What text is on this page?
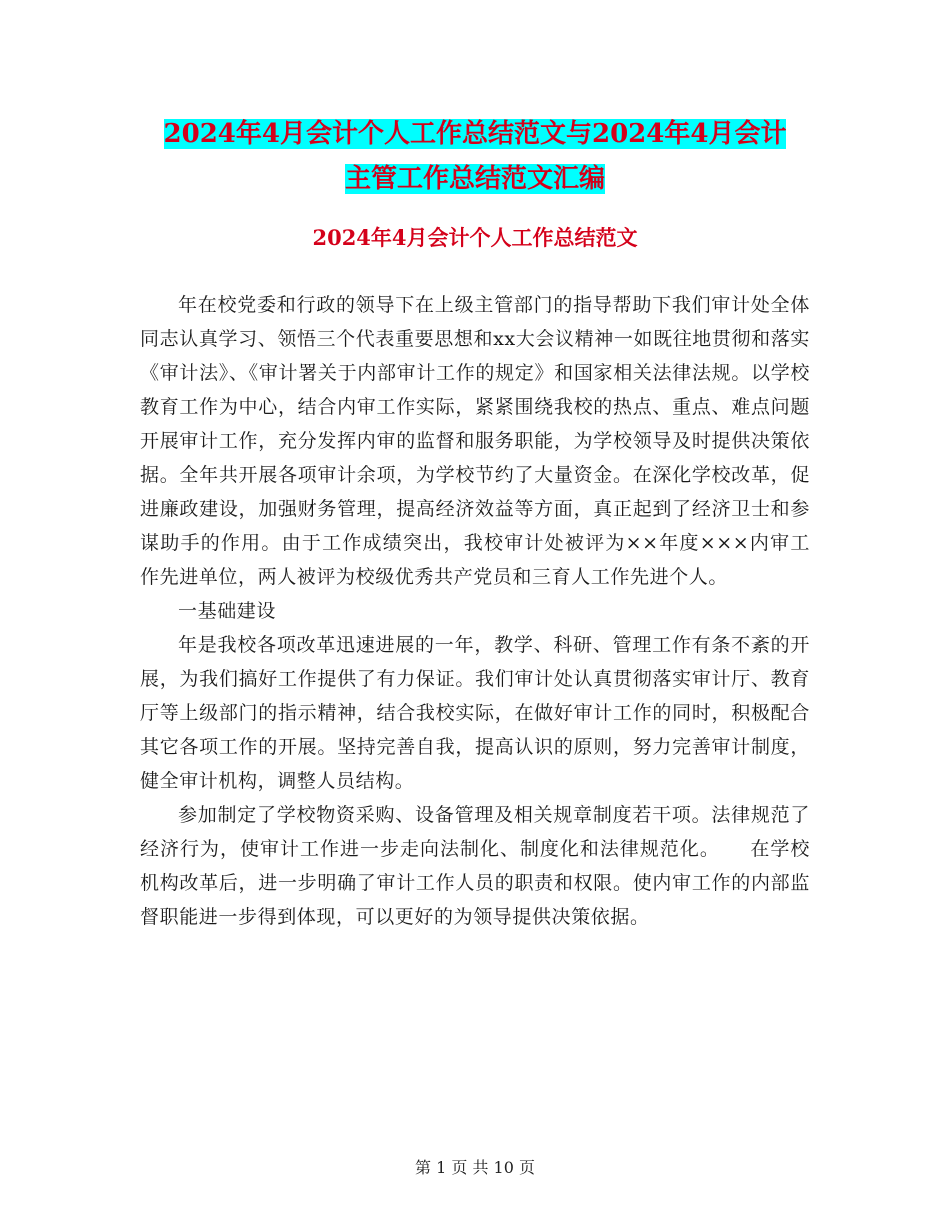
2024年4月会计个人工作总结范文与2024年4月会计
主管工作总结范文汇编
2024年4月会计个人工作总结范文

年在校党委和行政的领导下在上级主管部门的指导帮助下我们审计处全体同志认真学习、领悟三个代表重要思想和xx大会议精神一如既往地贯彻和落实《审计法》、《审计署关于内部审计工作的规定》和国家相关法律法规。以学校教育工作为中心，结合内审工作实际，紧紧围绕我校的热点、重点、难点问题开展审计工作，充分发挥内审的监督和服务职能，为学校领导及时提供决策依据。全年共开展各项审计余项，为学校节约了大量资金。在深化学校改革，促进廉政建设，加强财务管理，提高经济效益等方面，真正起到了经济卫士和参谋助手的作用。由于工作成绩突出，我校审计处被评为××年度×××内审工作先进单位，两人被评为校级优秀共产党员和三育人工作先进个人。

一基础建设

年是我校各项改革迅速进展的一年，教学、科研、管理工作有条不紊的开展，为我们搞好工作提供了有力保证。我们审计处认真贯彻落实审计厅、教育厅等上级部门的指示精神，结合我校实际，在做好审计工作的同时，积极配合其它各项工作的开展。坚持完善自我，提高认识的原则，努力完善审计制度，健全审计机构，调整人员结构。

参加制定了学校物资采购、设备管理及相关规章制度若干项。法律规范了经济行为，使审计工作进一步走向法制化、制度化和法律规范化。　　在学校机构改革后，进一步明确了审计工作人员的职责和权限。使内审工作的内部监督职能进一步得到体现，可以更好的为领导提供决策依据。

第 1 页 共 10 页
